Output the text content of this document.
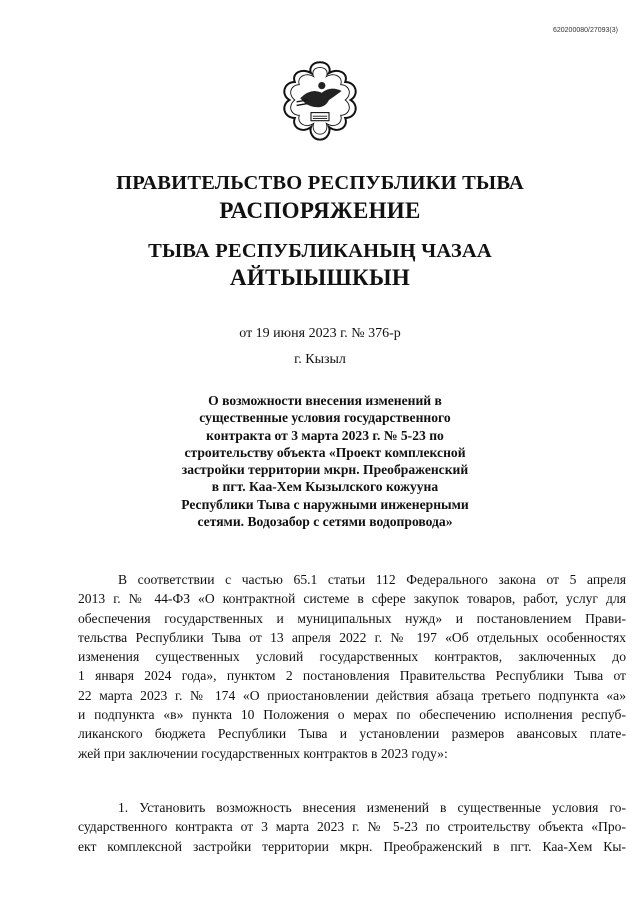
620200080/27093(3)
ПРАВИТЕЛЬСТВО РЕСПУБЛИКИ ТЫВА
РАСПОРЯЖЕНИЕ
ТЫВА РЕСПУБЛИКАНЫҢ ЧАЗАА
АЙТЫЫШКЫН
от 19 июня 2023 г. № 376-р
г. Кызыл
О возможности внесения изменений в
существенные условия государственного
контракта от 3 марта 2023 г. № 5-23 по
строительству объекта «Проект комплексной
застройки территории мкрн. Преображенский
в пгт. Каа-Хем Кызылского кожууна
Республики Тыва с наружными инженерными
сетями. Водозабор с сетями водопровода»
В соответствии с частью 65.1 статьи 112 Федерального закона от 5 апреля
2013 г. № 44-ФЗ «О контрактной системе в сфере закупок товаров, работ, услуг для
обеспечения государственных и муниципальных нужд» и постановлением Прави-
тельства Республики Тыва от 13 апреля 2022 г. № 197 «Об отдельных особенностях
изменения существенных условий государственных контрактов, заключенных до
1 января 2024 года», пунктом 2 постановления Правительства Республики Тыва от
22 марта 2023 г. № 174 «О приостановлении действия абзаца третьего подпункта «а»
и подпункта «в» пункта 10 Положения о мерах по обеспечению исполнения респуб-
ликанского бюджета Республики Тыва и установлении размеров авансовых плате-
жей при заключении государственных контрактов в 2023 году»:
1. Установить возможность внесения изменений в существенные условия го-
сударственного контракта от 3 марта 2023 г. № 5-23 по строительству объекта «Про-
ект комплексной застройки территории мкрн. Преображенский в пгт. Каа-Хем Кы-
